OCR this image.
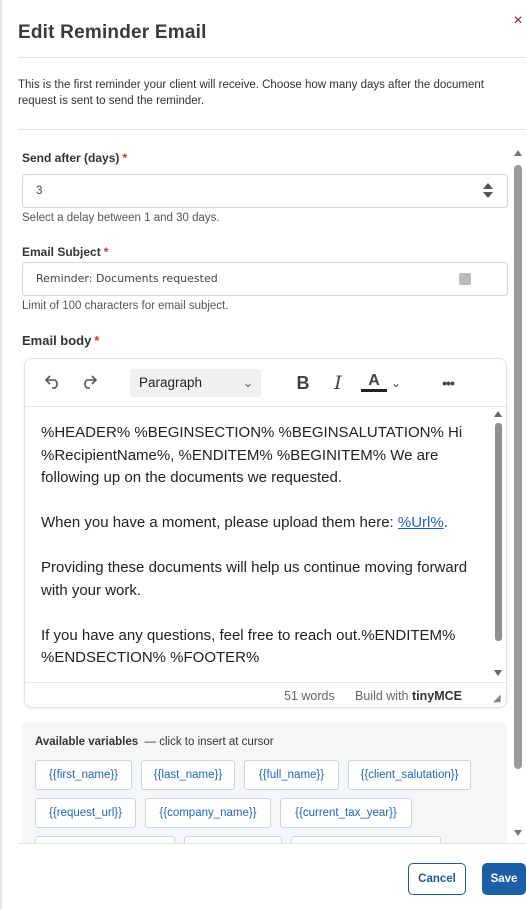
Edit Reminder Email
×
This is the first reminder your client will receive. Choose how many days after the document request is sent to send the reminder.
Send after (days) *
3
Select a delay between 1 and 30 days.
Email Subject *
Reminder: Documents requested
Limit of 100 characters for email subject.
Email body *
Paragraph	⌄	B	I	A ⌄	•••

%HEADER% %BEGINSECTION% %BEGINSALUTATION% Hi %RecipientName%, %ENDITEM% %BEGINITEM% We are following up on the documents we requested.

When you have a moment, please upload them here: %Url%.

Providing these documents will help us continue moving forward with your work.

If you have any questions, feel free to reach out.%ENDITEM% %ENDSECTION% %FOOTER%

51 words Build with tinyMCE	◢
Available variables — click to insert at cursor
{{first_name}}	{{last_name}}	{{full_name}}	{{client_salutation}}
{{request_url}}	{{company_name}}	{{current_tax_year}}
Cancel	Save
